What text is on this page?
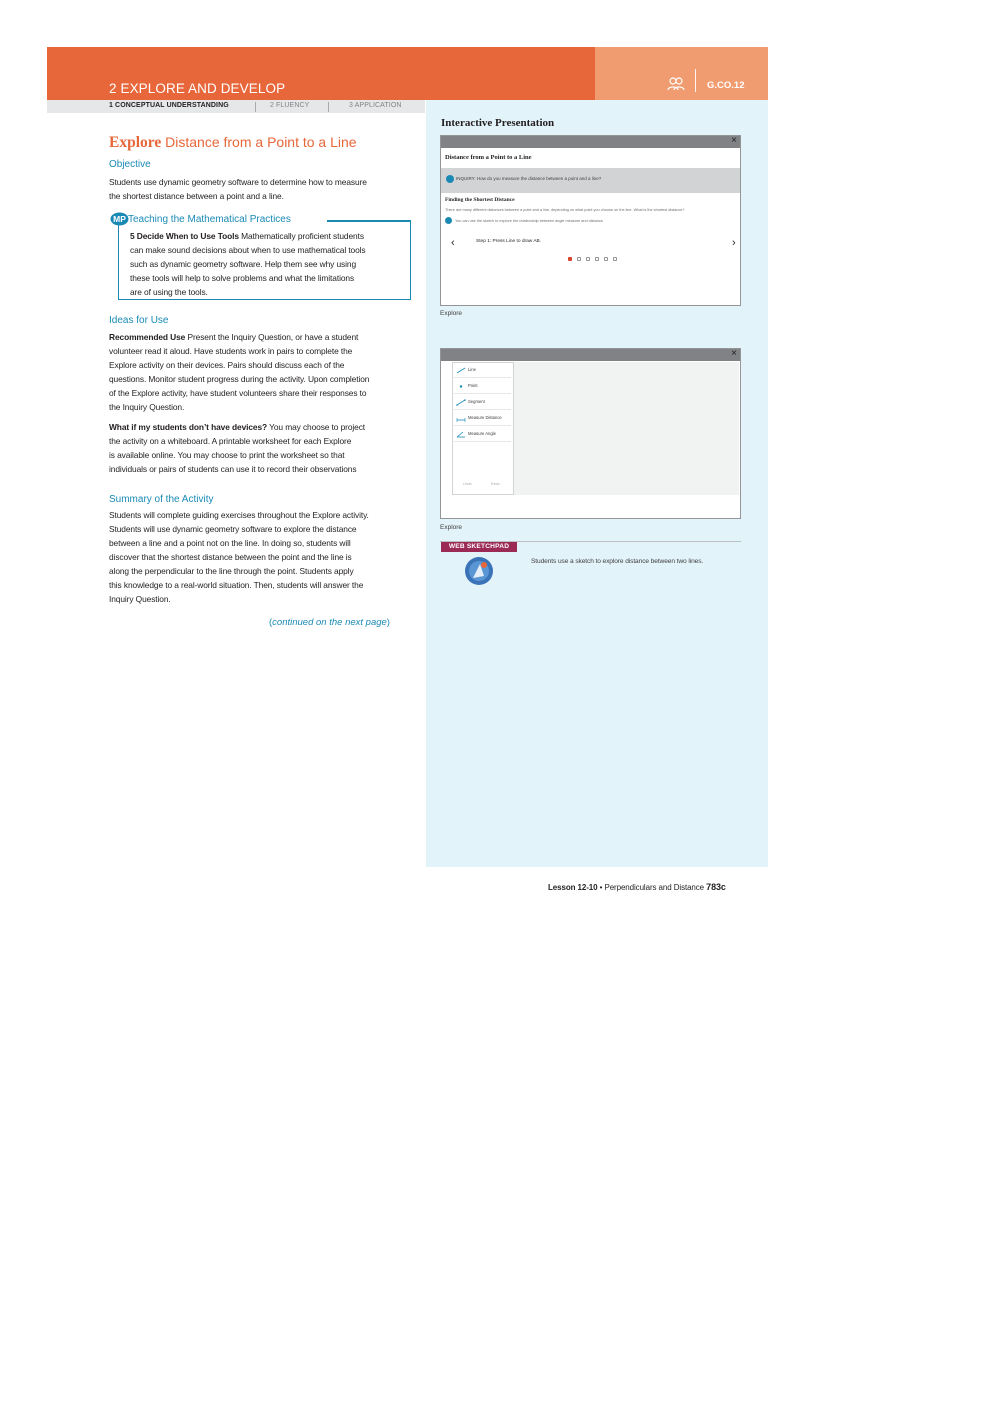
2 EXPLORE AND DEVELOP	G.CO.12
1 CONCEPTUAL UNDERSTANDING	2 FLUENCY	3 APPLICATION
Explore Distance from a Point to a Line
Objective
Students use dynamic geometry software to determine how to measure
the shortest distance between a point and a line.
MP Teaching the Mathematical Practices
5 Decide When to Use Tools Mathematically proficient students
can make sound decisions about when to use mathematical tools
such as dynamic geometry software. Help them see why using
these tools will help to solve problems and what the limitations
are of using the tools.
Ideas for Use
Recommended Use Present the Inquiry Question, or have a student
volunteer read it aloud. Have students work in pairs to complete the
Explore activity on their devices. Pairs should discuss each of the
questions. Monitor student progress during the activity. Upon completion
of the Explore activity, have student volunteers share their responses to
the Inquiry Question.
What if my students don’t have devices? You may choose to project
the activity on a whiteboard. A printable worksheet for each Explore
is available online. You may choose to print the worksheet so that
individuals or pairs of students can use it to record their observations
Summary of the Activity
Students will complete guiding exercises throughout the Explore activity.
Students will use dynamic geometry software to explore the distance
between a line and a point not on the line. In doing so, students will
discover that the shortest distance between the point and the line is
along the perpendicular to the line through the point. Students apply
this knowledge to a real-world situation. Then, students will answer the
Inquiry Question.
(continued on the next page)
Interactive Presentation
×
Distance from a Point to a Line
INQUIRY: How do you measure the distance between a point and a line?
Finding the Shortest Distance
There are many different distances between a point and a line, depending on what point you choose on the line. What is the shortest distance?
You can use the sketch to explore the relationship between angle measure and distance.
‹	Step 1: Press Line to draw AB.	›
Explore
×
Line
Point
Segment
Measure Distance
Measure Angle
Undo	Redo
Explore
WEB SKETCHPAD
Students use a sketch to explore distance between two lines.
Lesson 12-10 • Perpendiculars and Distance 783c
